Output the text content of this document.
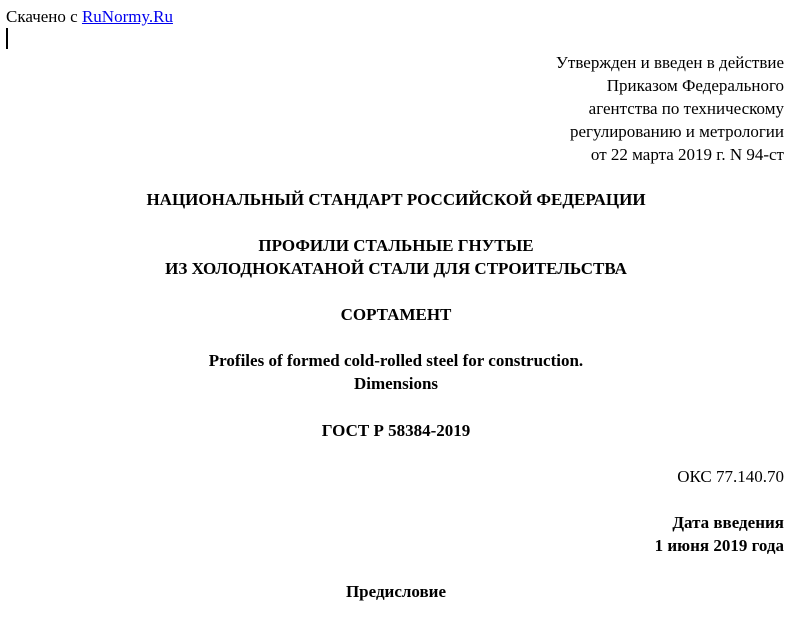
Скачено с RuNormy.Ru
Утвержден и введен в действие
Приказом Федерального
агентства по техническому
регулированию и метрологии
от 22 марта 2019 г. N 94-ст
НАЦИОНАЛЬНЫЙ СТАНДАРТ РОССИЙСКОЙ ФЕДЕРАЦИИ
ПРОФИЛИ СТАЛЬНЫЕ ГНУТЫЕ
ИЗ ХОЛОДНОКАТАНОЙ СТАЛИ ДЛЯ СТРОИТЕЛЬСТВА
СОРТАМЕНТ
Profiles of formed cold-rolled steel for construction.
Dimensions
ГОСТ Р 58384-2019
ОКС 77.140.70
Дата введения
1 июня 2019 года
Предисловие
